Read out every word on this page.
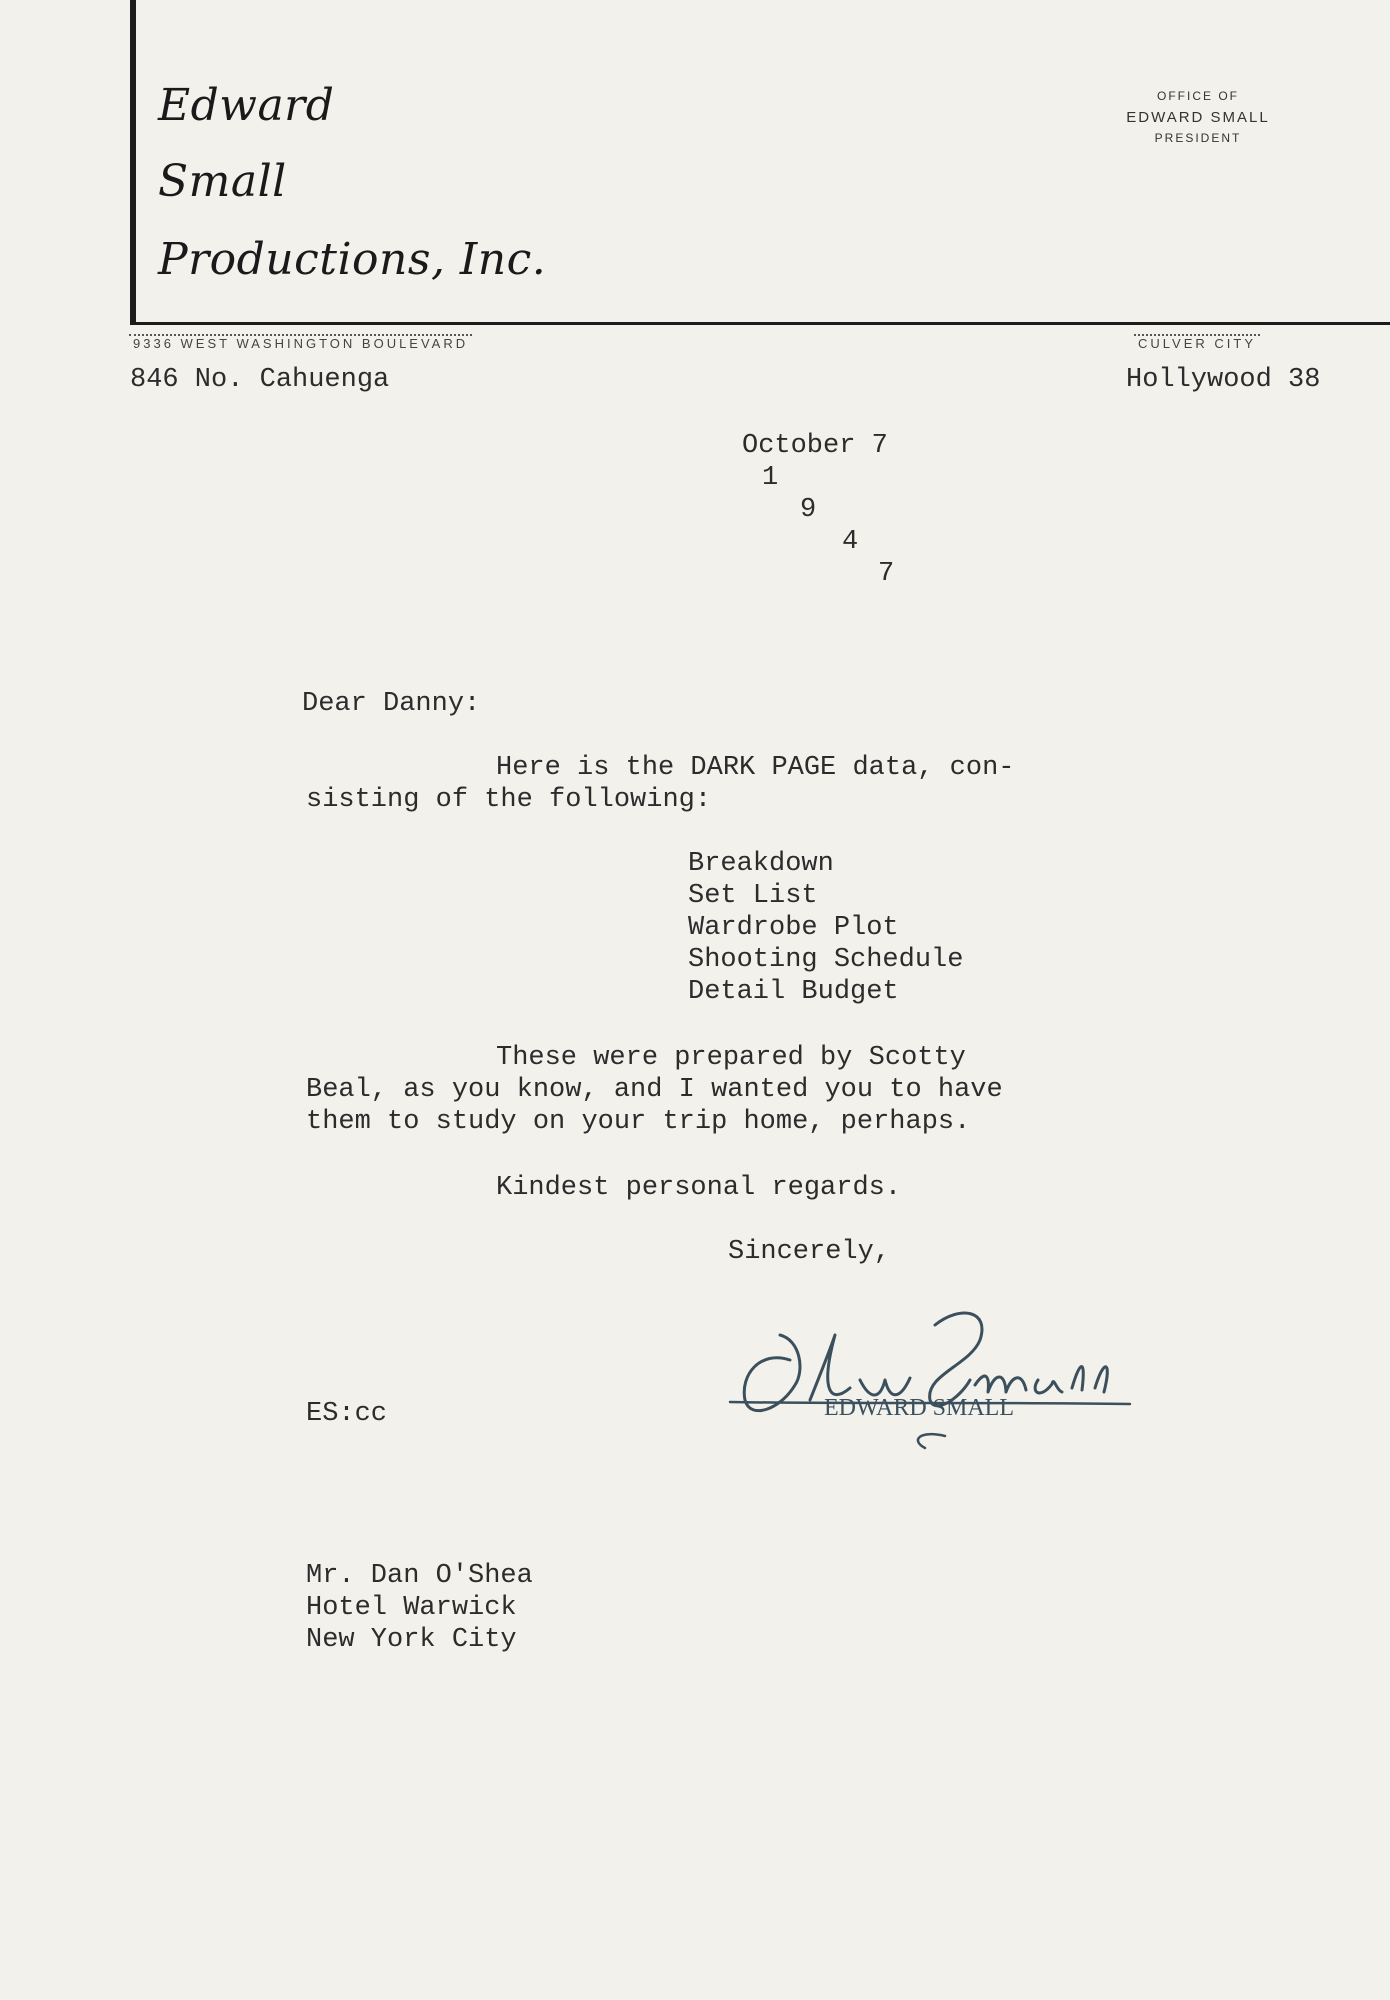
Edward
Small
Productions, Inc.
OFFICE OF
EDWARD SMALL
PRESIDENT
9336 WEST WASHINGTON BOULEVARD	CULVER CITY
846 No. Cahuenga	Hollywood 38
October 7
1
9
4
7
Dear Danny:
Here is the DARK PAGE data, con-
sisting of the following:
Breakdown
Set List
Wardrobe Plot
Shooting Schedule
Detail Budget
These were prepared by Scotty
Beal, as you know, and I wanted you to have
them to study on your trip home, perhaps.
Kindest personal regards.
Sincerely,
EDWARD SMALL
ES:cc
Mr. Dan O'Shea
Hotel Warwick
New York City
